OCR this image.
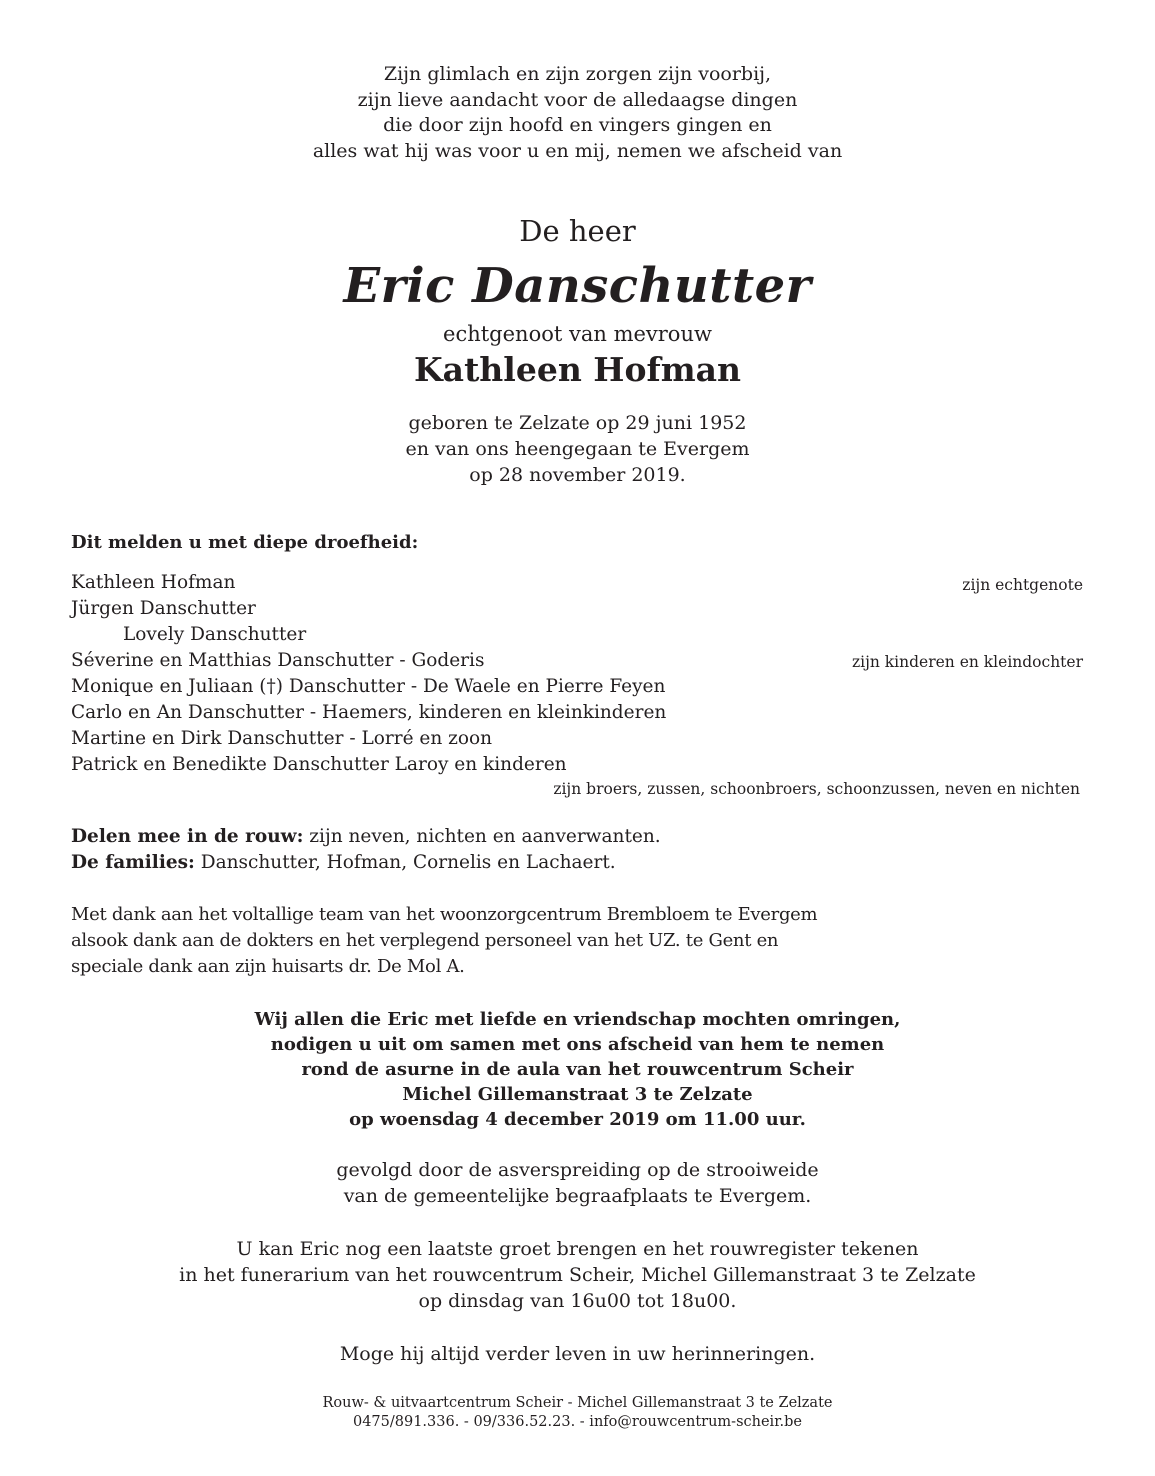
Zijn glimlach en zijn zorgen zijn voorbij,
zijn lieve aandacht voor de alledaagse dingen
die door zijn hoofd en vingers gingen en
alles wat hij was voor u en mij, nemen we afscheid van
De heer
Eric Danschutter
echtgenoot van mevrouw
Kathleen Hofman
geboren te Zelzate op 29 juni 1952
en van ons heengegaan te Evergem
op 28 november 2019.
Dit melden u met diepe droefheid:
Kathleen Hofman	zijn echtgenote
Jürgen Danschutter
Lovely Danschutter
Séverine en Matthias Danschutter - Goderis	zijn kinderen en kleindochter
Monique en Juliaan (†) Danschutter - De Waele en Pierre Feyen
Carlo en An Danschutter - Haemers, kinderen en kleinkinderen
Martine en Dirk Danschutter - Lorré en zoon
Patrick en Benedikte Danschutter Laroy en kinderen
zijn broers, zussen, schoonbroers, schoonzussen, neven en nichten
Delen mee in de rouw: zijn neven, nichten en aanverwanten.
De families: Danschutter, Hofman, Cornelis en Lachaert.
Met dank aan het voltallige team van het woonzorgcentrum Brembloem te Evergem
alsook dank aan de dokters en het verplegend personeel van het UZ. te Gent en
speciale dank aan zijn huisarts dr. De Mol A.
Wij allen die Eric met liefde en vriendschap mochten omringen,
nodigen u uit om samen met ons afscheid van hem te nemen
rond de asurne in de aula van het rouwcentrum Scheir
Michel Gillemanstraat 3 te Zelzate
op woensdag 4 december 2019 om 11.00 uur.
gevolgd door de asverspreiding op de strooiweide
van de gemeentelijke begraafplaats te Evergem.
U kan Eric nog een laatste groet brengen en het rouwregister tekenen
in het funerarium van het rouwcentrum Scheir, Michel Gillemanstraat 3 te Zelzate
op dinsdag van 16u00 tot 18u00.
Moge hij altijd verder leven in uw herinneringen.
Rouw- & uitvaartcentrum Scheir - Michel Gillemanstraat 3 te Zelzate
0475/891.336. - 09/336.52.23. - info@rouwcentrum-scheir.be
